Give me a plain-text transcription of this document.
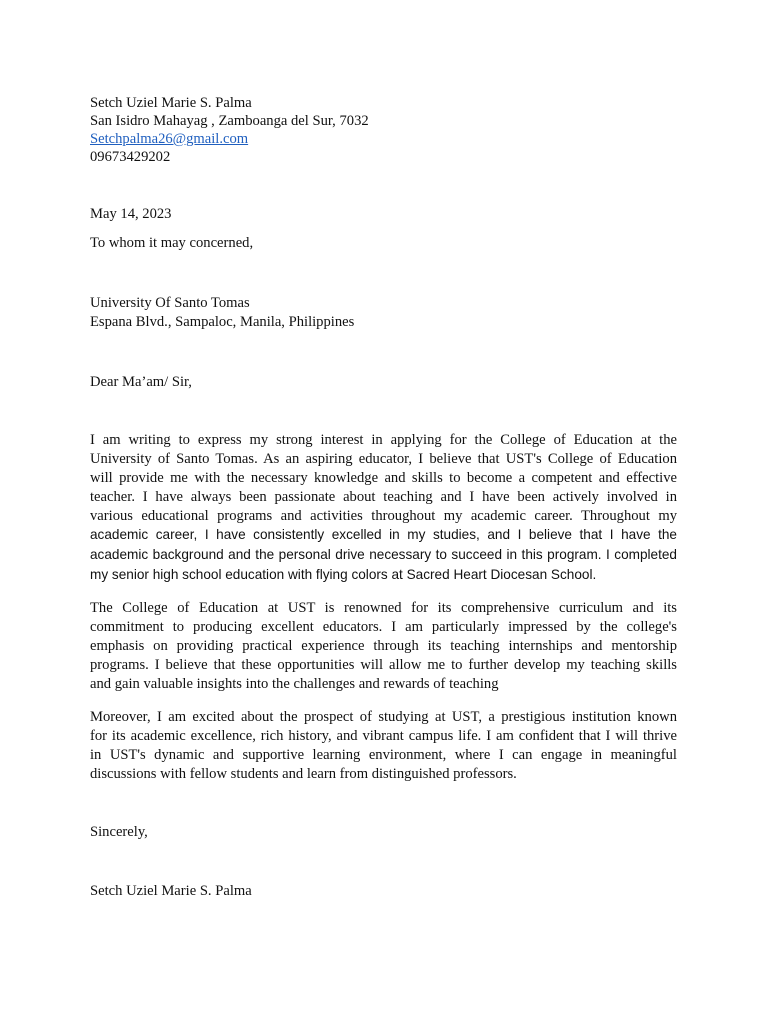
Setch Uziel Marie S. Palma
San Isidro Mahayag , Zamboanga del Sur, 7032
Setchpalma26@gmail.com
09673429202
May 14, 2023
To whom it may concerned,
University Of Santo Tomas
Espana Blvd., Sampaloc, Manila, Philippines
Dear Ma’am/ Sir,
I am writing to express my strong interest in applying for the College of Education at the
University of Santo Tomas. As an aspiring educator, I believe that UST's College of Education
will provide me with the necessary knowledge and skills to become a competent and effective
teacher. I have always been passionate about teaching and I have been actively involved in
various educational programs and activities throughout my academic career. Throughout my
academic career, I have consistently excelled in my studies, and I believe that I have the
academic background and the personal drive necessary to succeed in this program. I completed
my senior high school education with flying colors at Sacred Heart Diocesan School.
The College of Education at UST is renowned for its comprehensive curriculum and its
commitment to producing excellent educators. I am particularly impressed by the college's
emphasis on providing practical experience through its teaching internships and mentorship
programs. I believe that these opportunities will allow me to further develop my teaching skills
and gain valuable insights into the challenges and rewards of teaching
Moreover, I am excited about the prospect of studying at UST, a prestigious institution known
for its academic excellence, rich history, and vibrant campus life. I am confident that I will thrive
in UST's dynamic and supportive learning environment, where I can engage in meaningful
discussions with fellow students and learn from distinguished professors.
Sincerely,
Setch Uziel Marie S. Palma
